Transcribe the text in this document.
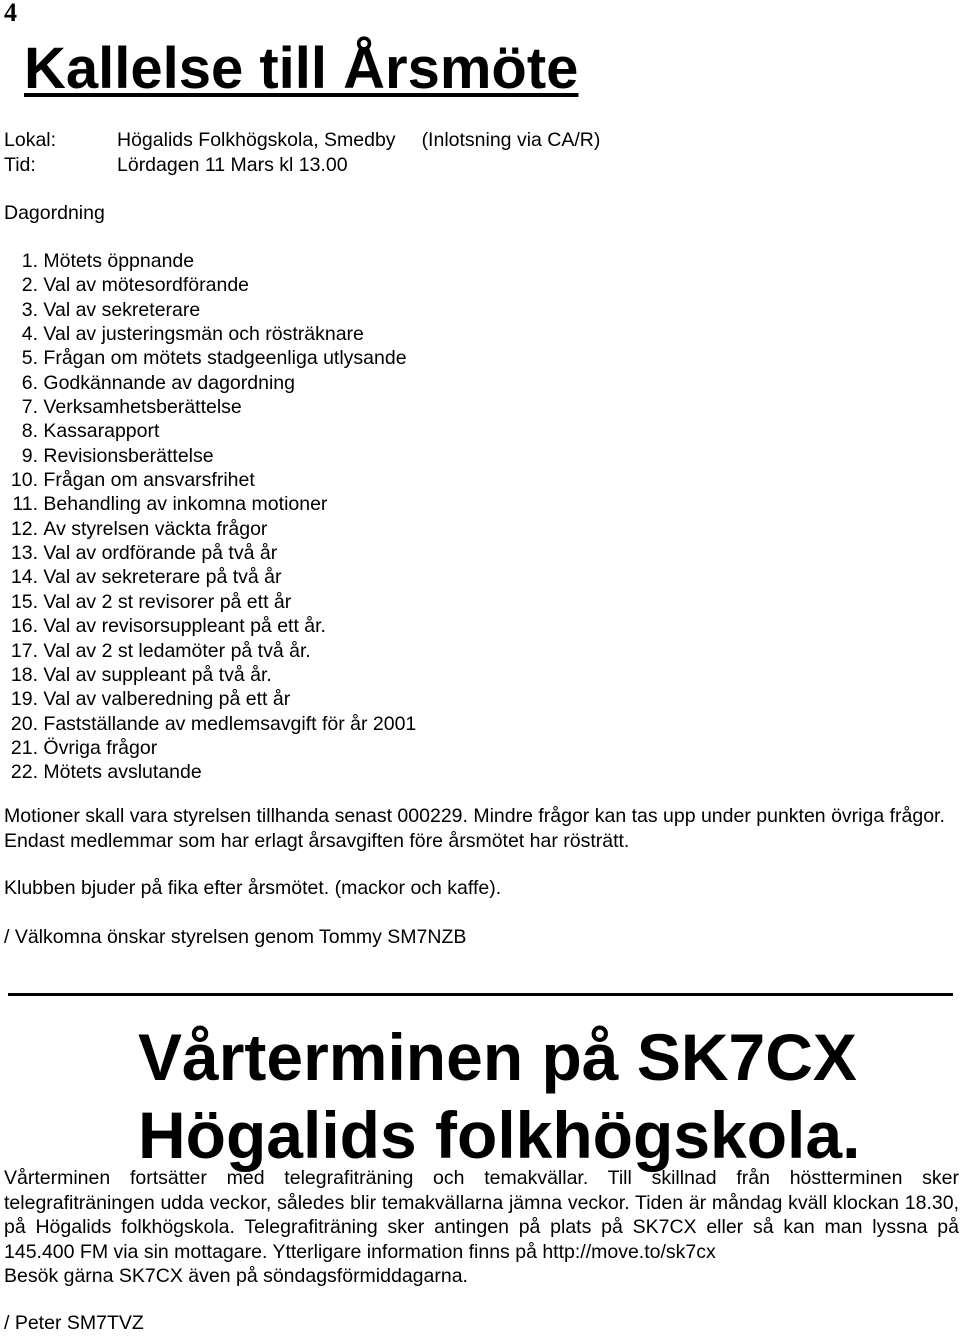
4
Kallelse till Årsmöte
Lokal:	Högalids Folkhögskola, Smedby (Inlotsning via CA/R)
Tid:	Lördagen 11 Mars kl 13.00
Dagordning
1.
Mötets öppnande
2.
Val av mötesordförande
3.
Val av sekreterare
4.
Val av justeringsmän och rösträknare
5.
Frågan om mötets stadgeenliga utlysande
6.
Godkännande av dagordning
7.
Verksamhetsberättelse
8.
Kassarapport
9.
Revisionsberättelse
10.
Frågan om ansvarsfrihet
11.
Behandling av inkomna motioner
12.
Av styrelsen väckta frågor
13.
Val av ordförande på två år
14.
Val av sekreterare på två år
15.
Val av 2 st revisorer på ett år
16.
Val av revisorsuppleant på ett år.
17.
Val av 2 st ledamöter på två år.
18.
Val av suppleant på två år.
19.
Val av valberedning på ett år
20.
Fastställande av medlemsavgift för år 2001
21.
Övriga frågor
22.
Mötets avslutande

Motioner skall vara styrelsen tillhanda senast 000229. Mindre frågor kan tas upp under punkten övriga frågor. Endast medlemmar som har erlagt årsavgiften före årsmötet har rösträtt.

Klubben bjuder på fika efter årsmötet. (mackor och kaffe).

/ Välkomna önskar styrelsen genom Tommy SM7NZB

Vårterminen på SK7CX
Högalids folkhögskola.
Vårterminen fortsätter med telegrafiträning och temakvällar. Till skillnad från höstterminen sker telegrafiträningen udda veckor, således blir temakvällarna jämna veckor. Tiden är måndag kväll klockan 18.30, på Högalids folkhögskola. Telegrafiträning sker antingen på plats på SK7CX eller så kan man lyssna på 145.400 FM via sin mottagare. Ytterligare information finns på http://move.to/sk7cx
Besök gärna SK7CX även på söndagsförmiddagarna.

/ Peter SM7TVZ
